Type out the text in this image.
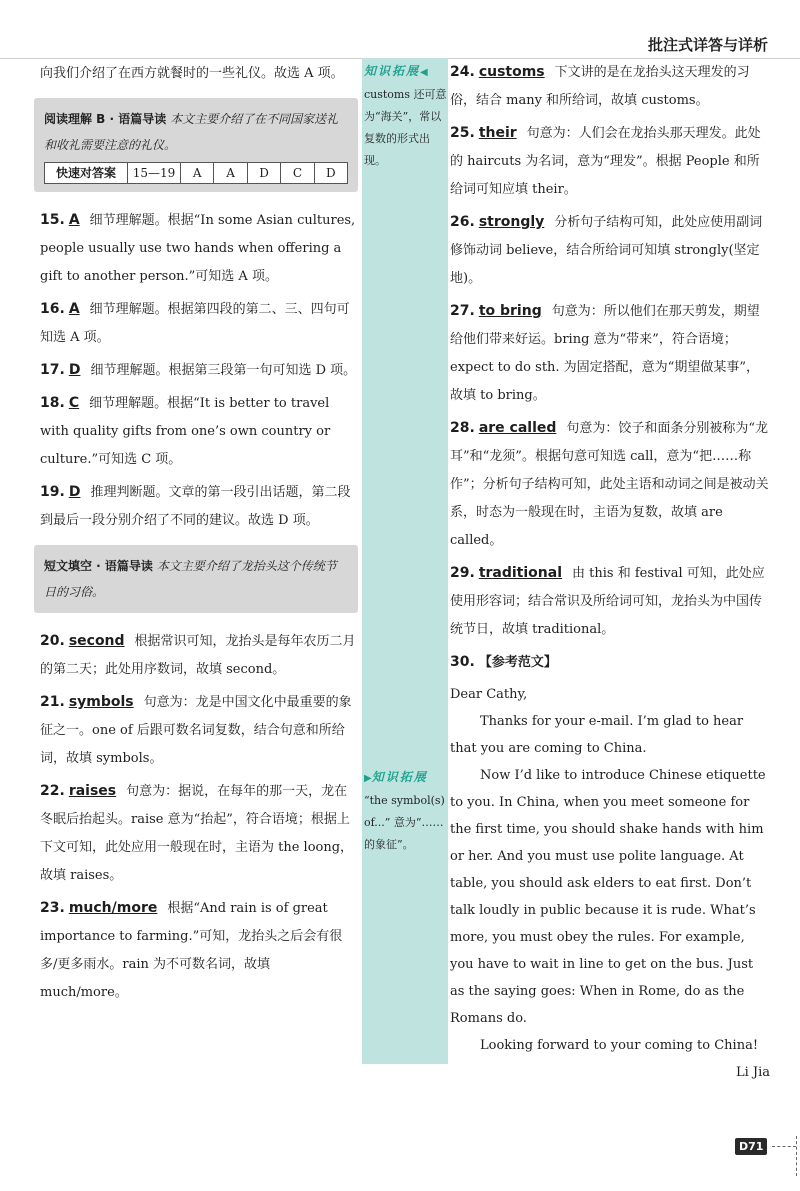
批注式详答与详析
知识拓展◀
customs 还可意为“海关”，常以复数的形式出现。
▶知识拓展
“the symbol(s) of...” 意为“……的象征”。

向我们介绍了在西方就餐时的一些礼仪。故选 A 项。

阅读理解 B · 语篇导读 本文主要介绍了在不同国家送礼和收礼需要注意的礼仪。
快速对答案	15—19	A	A	D	C	D
15. A 细节理解题。根据“In some Asian cultures, people usually use two hands when offering a gift to another person.”可知选 A 项。
16. A 细节理解题。根据第四段的第二、三、四句可知选 A 项。
17. D 细节理解题。根据第三段第一句可知选 D 项。
18. C 细节理解题。根据“It is better to travel with quality gifts from one’s own country or culture.”可知选 C 项。
19. D 推理判断题。文章的第一段引出话题，第二段到最后一段分别介绍了不同的建议。故选 D 项。
短文填空 · 语篇导读 本文主要介绍了龙抬头这个传统节日的习俗。
20. second 根据常识可知，龙抬头是每年农历二月的第二天；此处用序数词，故填 second。
21. symbols 句意为：龙是中国文化中最重要的象征之一。one of 后跟可数名词复数，结合句意和所给词，故填 symbols。
22. raises 句意为：据说，在每年的那一天，龙在冬眠后抬起头。raise 意为“抬起”，符合语境；根据上下文可知，此处应用一般现在时，主语为 the loong，故填 raises。
23. much/more 根据“And rain is of great importance to farming.”可知，龙抬头之后会有很多/更多雨水。rain 为不可数名词，故填 much/more。
24. customs 下文讲的是在龙抬头这天理发的习俗，结合 many 和所给词，故填 customs。
25. their 句意为：人们会在龙抬头那天理发。此处的 haircuts 为名词，意为“理发”。根据 People 和所给词可知应填 their。
26. strongly 分析句子结构可知，此处应使用副词修饰动词 believe，结合所给词可知填 strongly(坚定地)。
27. to bring 句意为：所以他们在那天剪发，期望给他们带来好运。bring 意为“带来”，符合语境；expect to do sth. 为固定搭配，意为“期望做某事”，故填 to bring。
28. are called 句意为：饺子和面条分别被称为“龙耳”和“龙须”。根据句意可知选 call，意为“把……称作”；分析句子结构可知，此处主语和动词之间是被动关系，时态为一般现在时，主语为复数，故填 are called。
29. traditional 由 this 和 festival 可知，此处应使用形容词；结合常识及所给词可知，龙抬头为中国传统节日，故填 traditional。
30. 【参考范文】

Dear Cathy,

Thanks for your e-mail. I’m glad to hear that you are coming to China.

Now I’d like to introduce Chinese etiquette to you. In China, when you meet someone for the first time, you should shake hands with him or her. And you must use polite language. At table, you should ask elders to eat first. Don’t talk loudly in public because it is rude. What’s more, you must obey the rules. For example, you have to wait in line to get on the bus. Just as the saying goes: When in Rome, do as the Romans do.

Looking forward to your coming to China!

Li Jia

D71
